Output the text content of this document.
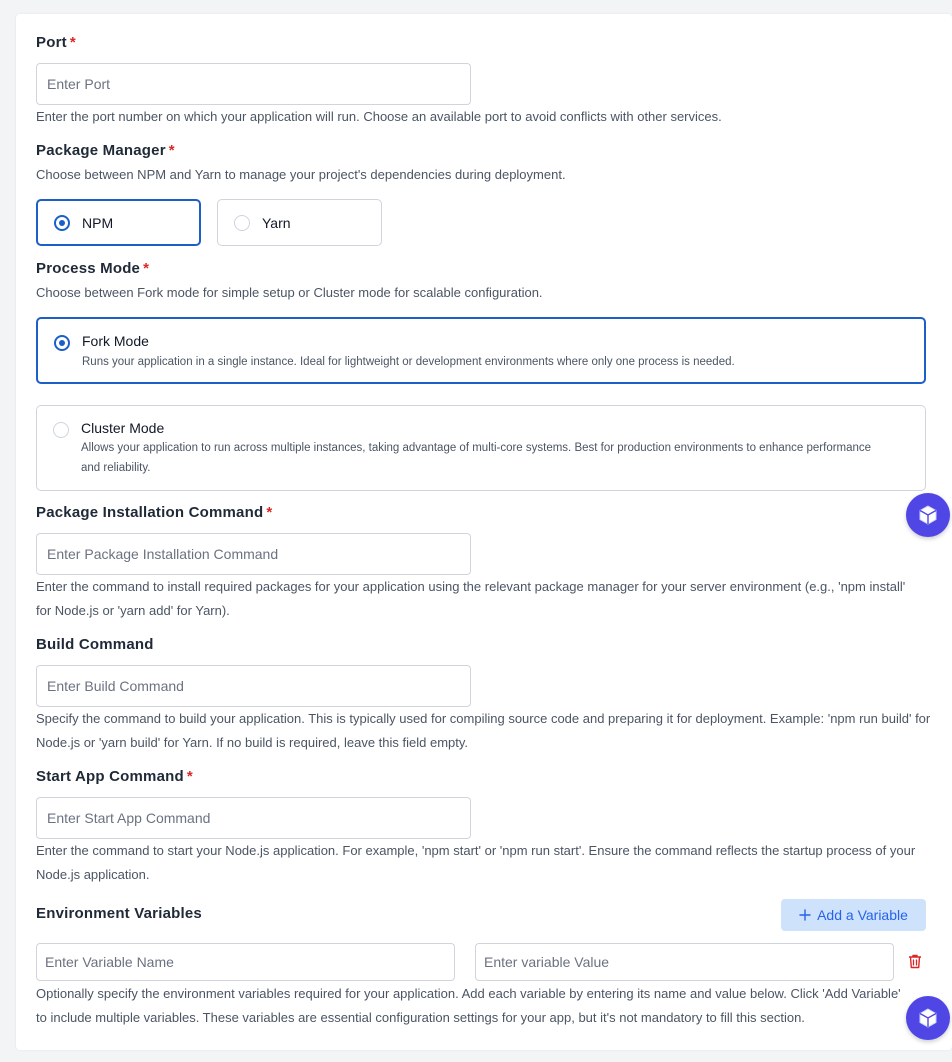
Port *
Enter Port
Enter the port number on which your application will run. Choose an available port to avoid conflicts with other services.
Package Manager *
Choose between NPM and Yarn to manage your project's dependencies during deployment.
NPM	Yarn
Process Mode *
Choose between Fork mode for simple setup or Cluster mode for scalable configuration.
Fork Mode
Runs your application in a single instance. Ideal for lightweight or development environments where only one process is needed.
Cluster Mode
Allows your application to run across multiple instances, taking advantage of multi-core systems. Best for production environments to enhance performance and reliability.
Package Installation Command *
Enter Package Installation Command
Enter the command to install required packages for your application using the relevant package manager for your server environment (e.g., 'npm install' for Node.js or 'yarn add' for Yarn).
Build Command
Enter Build Command
Specify the command to build your application. This is typically used for compiling source code and preparing it for deployment. Example: 'npm run build' for Node.js or 'yarn build' for Yarn. If no build is required, leave this field empty.
Start App Command *
Enter Start App Command
Enter the command to start your Node.js application. For example, 'npm start' or 'npm run start'. Ensure the command reflects the startup process of your Node.js application.
Environment Variables	Add a Variable
Enter Variable Name
Enter variable Value
Optionally specify the environment variables required for your application. Add each variable by entering its name and value below. Click 'Add Variable' to include multiple variables. These variables are essential configuration settings for your app, but it's not mandatory to fill this section.
